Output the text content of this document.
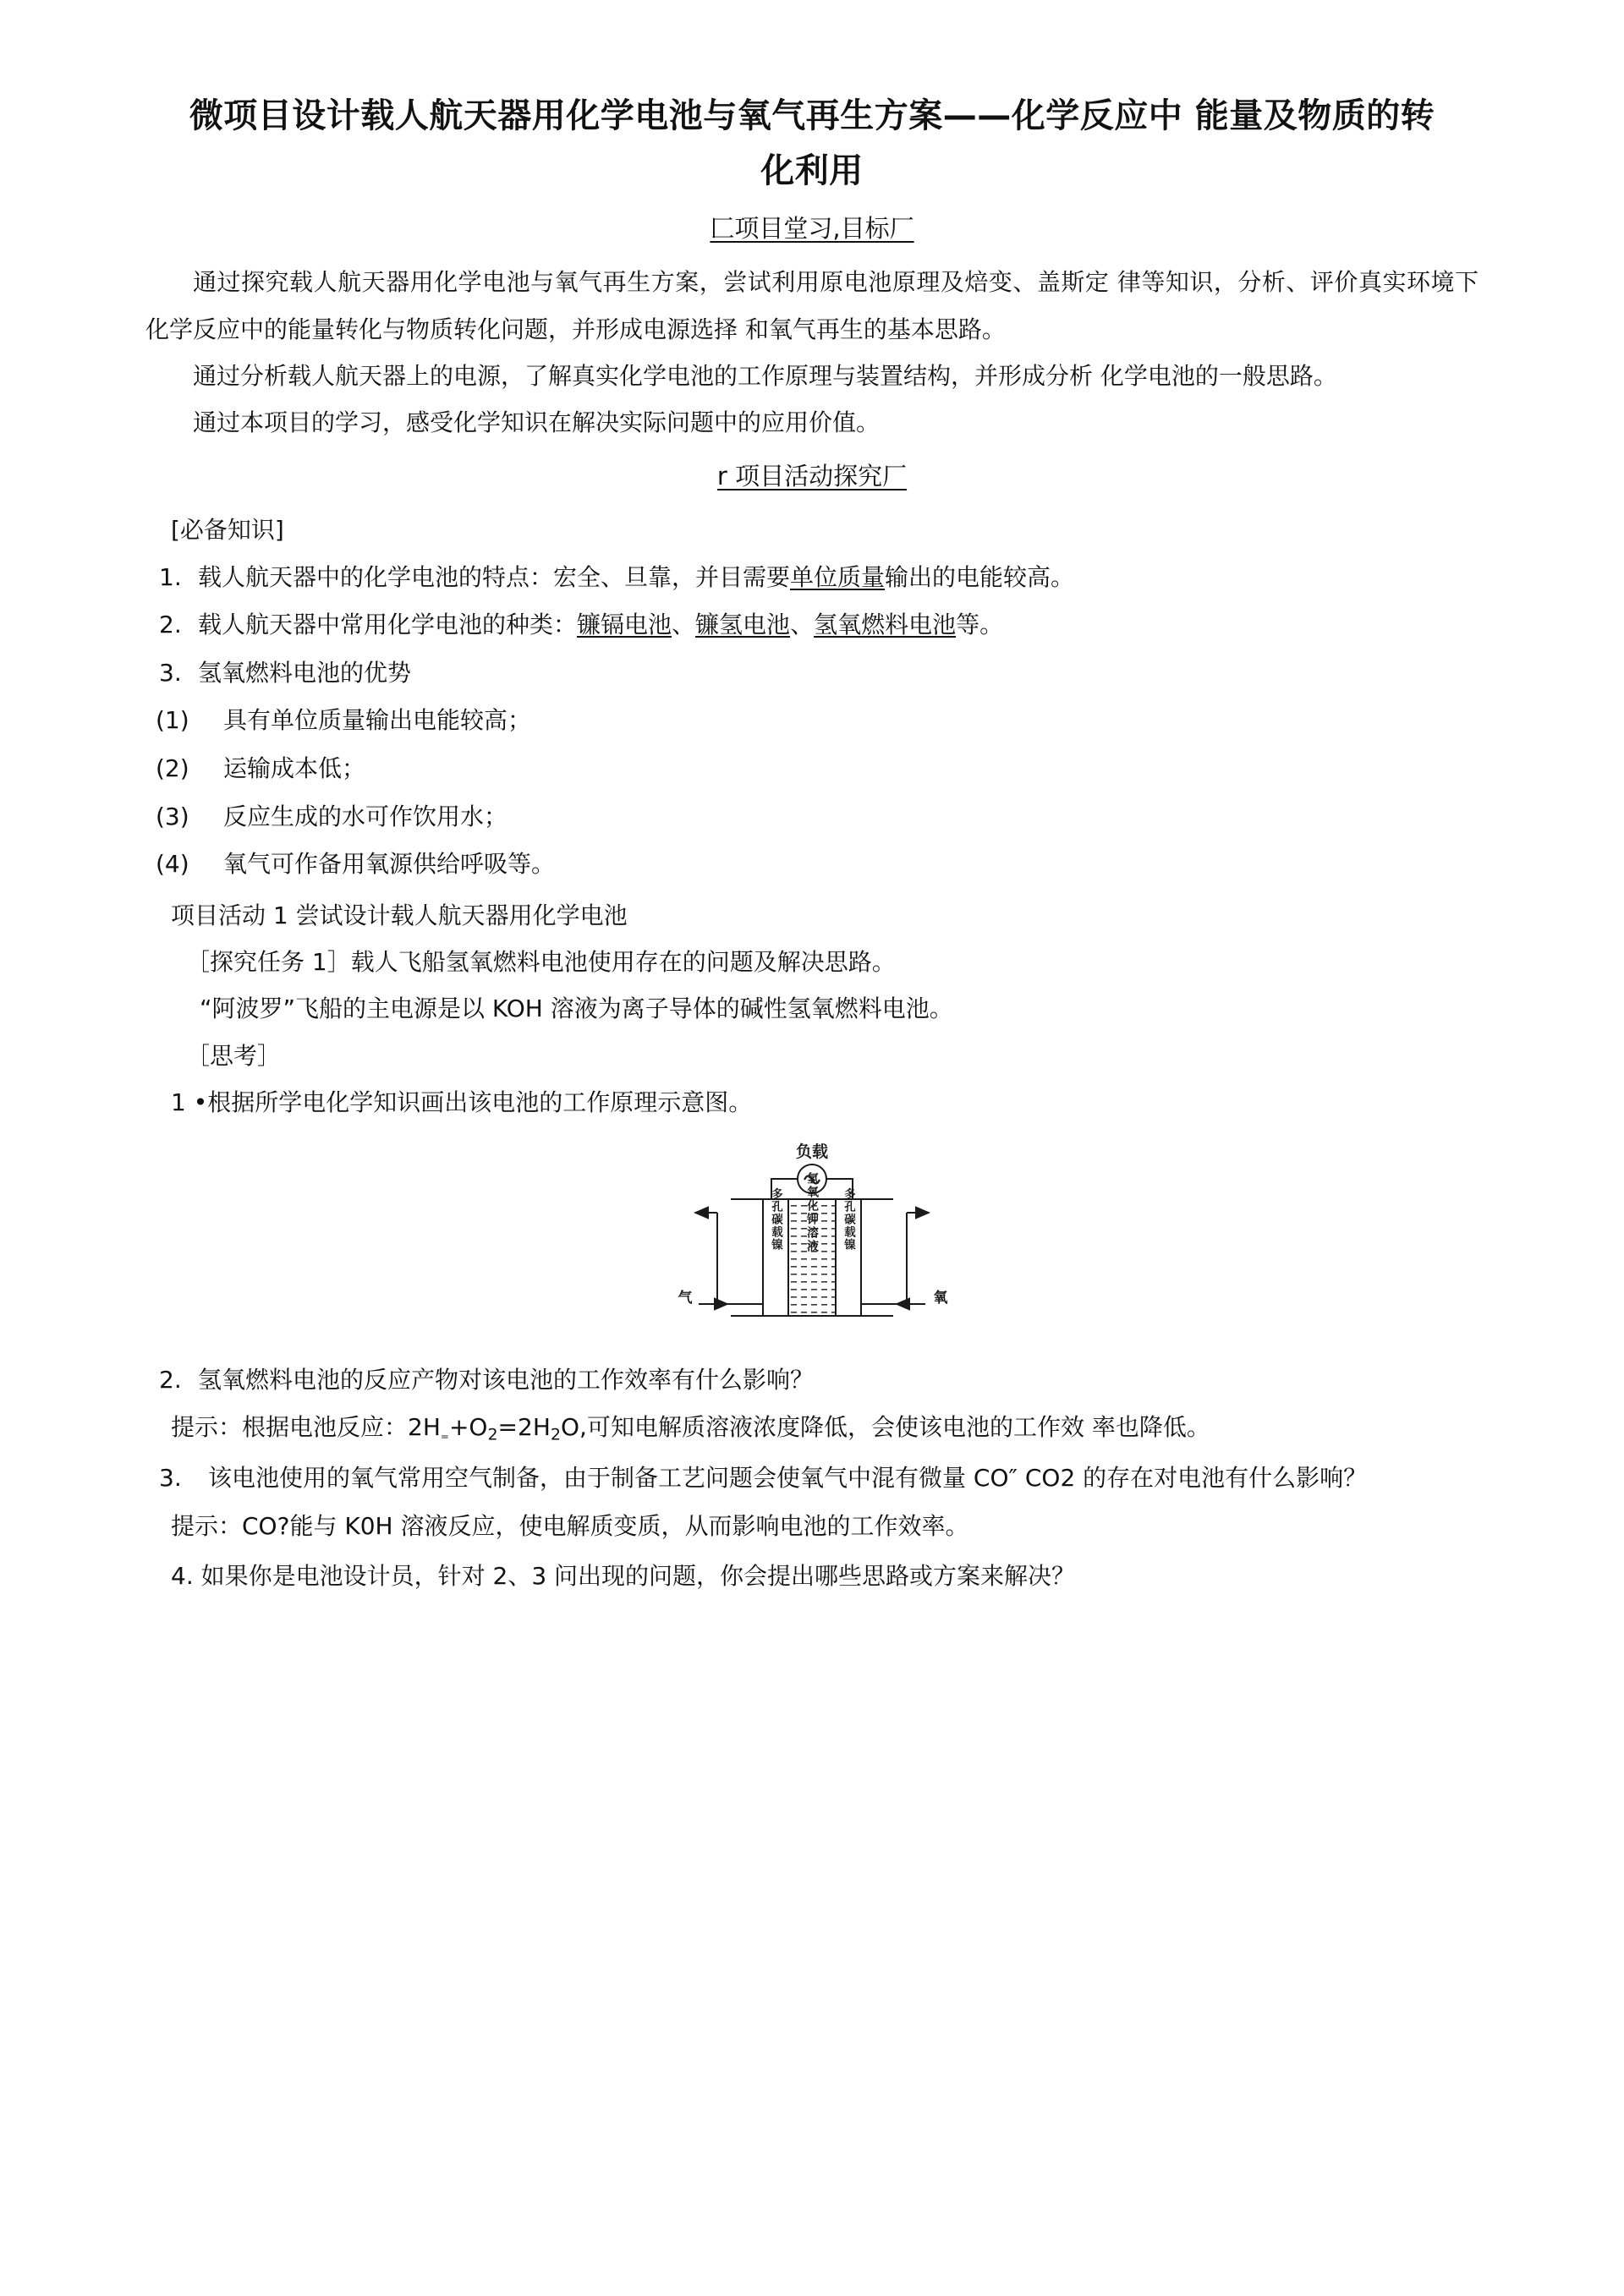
微项目设计载人航天器用化学电池与氧气再生方案——化学反应中 能量及物质的转化利用
匚项目堂习,目标厂

通过探究载人航天器用化学电池与氧气再生方案，尝试利用原电池原理及焙变、盖斯定 律等知识，分析、评价真实环境下化学反应中的能量转化与物质转化问题，并形成电源选择 和氧气再生的基本思路。

通过分析载人航天器上的电源，了解真实化学电池的工作原理与装置结构，并形成分析 化学电池的一般思路。

通过本项目的学习，感受化学知识在解决实际问题中的应用价值。

r 项目活动探究厂

[必备知识]

1. 载人航天器中的化学电池的特点：宏全、旦靠，并目需要单位质量输出的电能较高。
2. 载人航天器中常用化学电池的种类：镰镉电池、镰氢电池、氢氧燃料电池等。
3. 氢氧燃料电池的优势
(1)	具有单位质量输出电能较高；
(2)	运输成本低；
(3)	反应生成的水可作饮用水；
(4)	氧气可作备用氧源供给呼吸等。

项目活动 1 尝试设计载人航天器用化学电池

［探究任务 1］载人飞船氢氧燃料电池使用存在的问题及解决思路。

“阿波罗”飞船的主电源是以 KOH 溶液为离子导体的碱性氢氧燃料电池。

［思考］

1 •根据所学电化学知识画出该电池的工作原理示意图。

负载
多孔碳载镍	多孔碳载镍
氢氧化钾溶液
气	氧
2. 氢氧燃料电池的反应产物对该电池的工作效率有什么影响？

提示：根据电池反应：$2H_{_=}+O_2=2H_2O$,可知电解质溶液浓度降低，会使该电池的工作效 率也降低。

3.	该电池使用的氧气常用空气制备，由于制备工艺问题会使氧气中混有微量 CO″ CO2 的存在对电池有什么影响？

提示：CO?能与 K0H 溶液反应，使电解质变质，从而影响电池的工作效率。

4. 如果你是电池设计员，针对 2、3 问出现的问题，你会提出哪些思路或方案来解决？
